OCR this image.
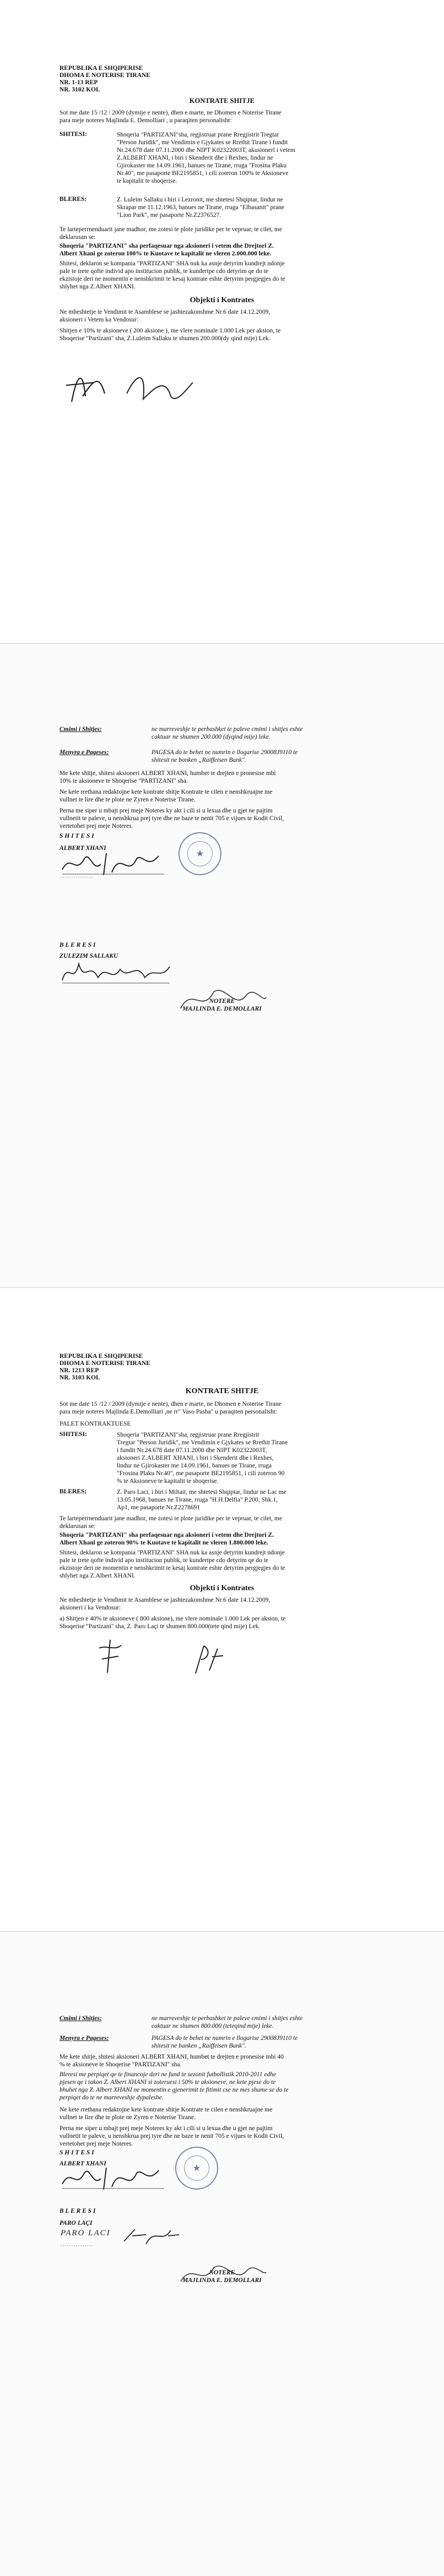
REPUBLIKA E SHQIPERISE
DHOMA E NOTERISE TIRANE
NR. 1-13 REP
NR. 3102 KOL
KONTRATE SHITJE
Sot me date 15 /12 / 2009 (dymije e nente), dhen e marte, ne Dhomen e Noterise Tirane
para meje noteres Majlinda E. Demolliari , u paraqiten personalisht:
SHITESI:	Shoqeria "PARTIZANI"sha, regjistruar prane Rregjistrit Tregtar
"Person Juridik", me Vendimin e Gjykates se Rrethit Tirane i fundit
Nr.24.678 date 07.11.2000 dhe NIPT K02322003T, akusionerl i vetem
Z.ALBERT XHANI, i biri i Skenderit dhe i Rexhes, lindur ne
Gjirokaster me 14.09.1961, banues ne Tirane, rruga "Frosina Plaku
Nr.40", me pasaporte BE2195851, i cili zoteron 100% te Aksioneve
te kapitalit te shoqerise.
BLERES:	Z. Luleim Sallaku i biri i Lezronit, me shtetesi Shqiptar, lindur ne
Skrapar me 11.12.1963, banues ne Tirane, rruga "Elbasanit" prane
"Lion Park", me pasaporte Nr.Z2376527.
Te larteperrnenduarit jane madhor, me zotesi te plote juridike per te vepruar, te cilet, me
deklarusan se:
Shoqeria "PARTIZANI" sha perfaqesuar nga aksioneri i vetem dhe Drejtori Z.
Albert Xhani ge zoteron 100% te Kuotave te kapitalit ne vleren 2.000.000 leke.
Shitesi, deklaron se kompania "PARTIZANI" SHA nuk ka asnje detyrim kundrejt ndonje
pale te trete qofte individ apo institucion publik, te kundertpe cdo detyrim qe do te
ekzistoje deri ne momentin e nenshkrimit te kesaj kontrate eshte detyrim pergjegjes do te
shlyhet nga Z.Albert XHANI.
Objekti i Kontrates
Ne mbeshtetje te Vendimit te Asamblese se jashtezakonshme Nr.6 date 14.12.2009,
aksioneri i Vetem ka Vendosur:
Shitjen e 10% te aksioneve ( 200 aksione ), me vlere nominale 1.000 Lek per aksion, te
Shoqerise "Partizani" sha, Z.Luleim Sallaku te shumen 200.000(dy qind mije) Lek.
Cmimi i Shitjes:	ne marreveshje te perbashket te paleve cmimi i shitjes eshte
caktuar ne shumen 200.000 (dyqind mije) leke.
Menyra e Pageses:	PAGESA do te behet ne numrin e llogarise 29008J9110 te
shitesit ne banken „Raiffeisen Bank".
Me kete shitje, shitesi aksioneri ALBERT XHANI, humbet te drejten e pronesise mbi
10% te aksioneve te Shoqerise "PARTIZANI" sha.
Ne kete rrethana redaktojne kete kontrate shitje Kontrate te cilen e nenshkruajne me
vullnet te lire dhe te plote ne Zyren e Noterise Tirane.
Perna me siper u mbajt prej meje Noteres ky akt i cili si u lexua dhe u gjet ne pajtim
vullnetit te paleve, u nenshkrua prej tyre dhe ne baze te nenit 705 e vijues te Kodit Civil,
vertetohet prej meje Noteres.
S H I T E S I
ALBERT XHANI
★
B L E R E S I
ZULEZIM SALLAKU
NOTERE
MAJLINDA E. DEMOLLARI
REPUBLIKA E SHQIPERISE
DHOMA E NOTERISE TIRANE
NR. 1213 REP
NR. 3103 KOL
KONTRATE SHITJE
Sot me date 15 /12 / 2009 (dymije e nente), dhen e marte, ne Dhomen e Noterise Tirane
para meje noteres Majlinda E.Demolliari ,ne rr" Vaso Pasha" u paraqiten personalisht:
PALET KONTRAKTUESE
SHITESI:	Shoqeria "PARTIZANI"sha, regjistruar prane Rregjistrit
Tregtar "Person Juridik", me Vendimin e Gjykates se Rrethit Tirane
i fundit Nr.24.678 date 07.11.2000 dhe NIPT K02322003T,
aksioneri Z.ALBERT XHANI, i biri i Skenderit dhe i Rexhes,
lindur ne Gjirokaster me 14.09.1961, banues ne Tirane, rruga
"Frosina Plaku Nr.40", me pasaporte BE2195851, i cili zoteron 90
% te Aksioneve te kapitalit te shoqerise.
BLERES;	Z. Paro Laci, i biri i Miltait, me shtetesi Shqiptar, lindur ne Lac me
13.05.1968, banues ne Tirane, rruga "H.H.Delfia" P.200, Shk.1,
Ap1, me pasaporte Nr.Z2278691
Te larteperrnenduarit jane madhor, me zotesi te plote juridike per te vepruar, te cilet, me
deklarusan se:
Shoqeria "PARTIZANI" sha perfaqesuar nga aksioneri i vetem dhe Drejtori Z.
Albert Xhani ge zoteron 90% te Kuotave te kapitalit ne vleren 1.800.000 leke.
Shitesi, deklaron se kompania "PARTIZANI" SHA nuk ka asnje detyrim kundrejt ndonje
pale te trete qofte individ apo institucion publik, te kundertpe cdo detyrim qe do te
ekzistoje deri ne momentin e nenshkrimit te kesaj kontrate eshte detyrim pergjegjes do te
shlyhet nga Z.Albert XHANI.
Objekti i Kontrates
Ne mbeshtetje te Vendimit te Asamblese se jashtezakonshme Nr.6 date 14.12.2009,
aksioneri i ka Vendosur:
a) Shitjen e 40% te aksioneve ( 800 aksione), me vlere nominale 1.000 Lek per aksion, te
Shoqerise "Partizani" sha, Z. Paro Laçi te shumen 800.000(tete qind mije) Lek.
Cmimi i Shitjes:	ne marreveshje te perbashket te paleve cmimi i shitjes eshte
caktuar ne shumen 800.000 (teteqind mije) leke.
Menyra e Pageses:	PAGESA do te behet ne numrin e llogarise 29008J9110 te
shitesit ne banken „Raiffeisen Bank".
Me kete shitje, shitesi aksioneri ALBERT XHANI, humbet te drejten e pronesise mbi 40
% te aksioneve te Shoqerise "PARTIZANI" sha.
Bleresi me perpiqet qe te financoje deri ne fund te sezonit futbollistik 2010-2011 edhe
pjesen qe i takon Z. Albert XHANI si zoteruesi i 50% te aksioneve, ne kete pjese do te
bhuhet nga Z. Albert XHANI ne momentin e gjenerimit te fitimit cse ne mes shume se do te
perpiqet do te ne marreveshje dypaleshe.
Ne kete rrethana redaktojne kete kontrate shitje Kontrate te cilen e nenshkruajne me
vullnet te lire dhe te plote ne Zyren e Noterise Tirane.
Perna me siper u mbajt prej meje Noteres ky akt i cili si u lexua dhe u gjet ne pajtim
vullnetit te paleve, u nenshkrua prej tyre dhe ne baze te nenit 705 e vijues te Kodit Civil,
vertetohet prej meje Noteres.
S H I T E S I
ALBERT XHANI	★
B L E R E S I
PARO LAÇI
PARO LACI
NOTERE
MAJLINDA E. DEMOLLARI
